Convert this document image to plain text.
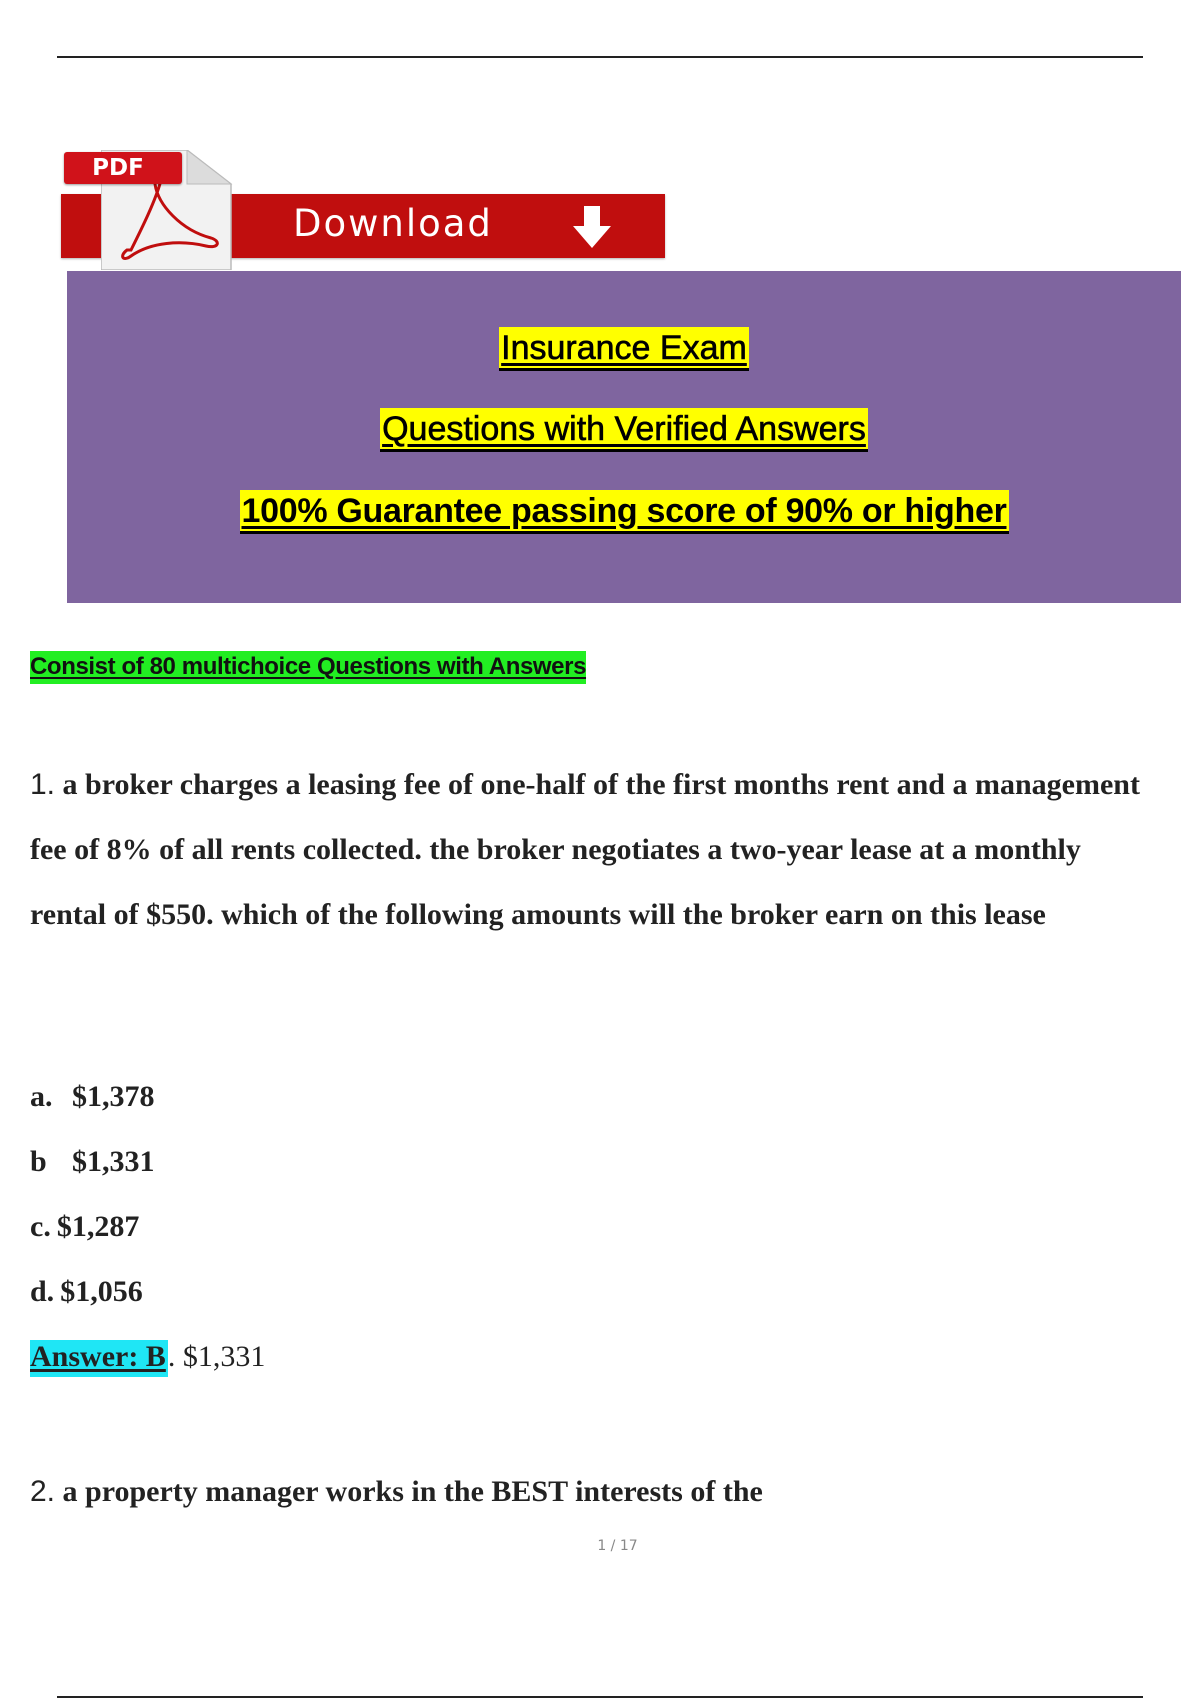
PDF
Download
Insurance Exam
Questions with Verified Answers
100% Guarantee passing score of 90% or higher
Consist of 80 multichoice Questions with Answers
1. a broker charges a leasing fee of one-half of the first months rent and a management fee of 8% of all rents collected. the broker negotiates a two-year lease at a monthly rental of $550. which of the following amounts will the broker earn on this lease
a. $1,378
b $1,331
c. $1,287
d. $1,056
Answer: B. $1,331
2. a property manager works in the BEST interests of the
1 / 17
